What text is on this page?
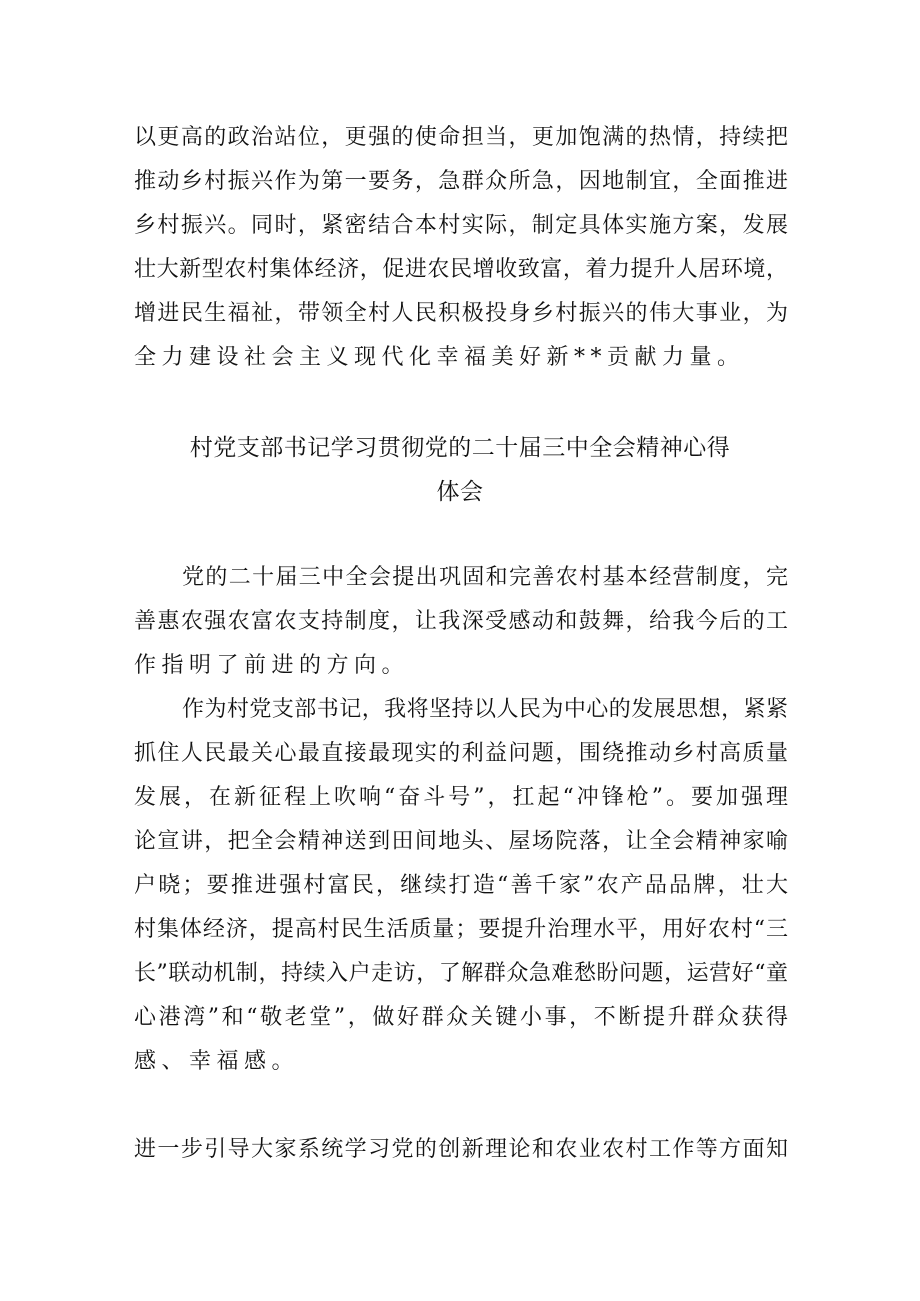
以更高的政治站位，更强的使命担当，更加饱满的热情，持续把
推动乡村振兴作为第一要务，急群众所急，因地制宜，全面推进
乡村振兴。同时，紧密结合本村实际，制定具体实施方案，发展
壮大新型农村集体经济，促进农民增收致富，着力提升人居环境，
增进民生福祉，带领全村人民积极投身乡村振兴的伟大事业，为
全力建设社会主义现代化幸福美好新**贡献力量。
村党支部书记学习贯彻党的二十届三中全会精神心得
体会
党的二十届三中全会提出巩固和完善农村基本经营制度，完
善惠农强农富农支持制度，让我深受感动和鼓舞，给我今后的工
作指明了前进的方向。
作为村党支部书记，我将坚持以人民为中心的发展思想，紧紧
抓住人民最关心最直接最现实的利益问题，围绕推动乡村高质量
发展，在新征程上吹响“奋斗号”，扛起“冲锋枪”。要加强理
论宣讲，把全会精神送到田间地头、屋场院落，让全会精神家喻
户晓；要推进强村富民，继续打造“善千家”农产品品牌，壮大
村集体经济，提高村民生活质量；要提升治理水平，用好农村“三
长”联动机制，持续入户走访，了解群众急难愁盼问题，运营好“童
心港湾”和“敬老堂”，做好群众关键小事，不断提升群众获得
感、幸福感。
进一步引导大家系统学习党的创新理论和农业农村工作等方面知
